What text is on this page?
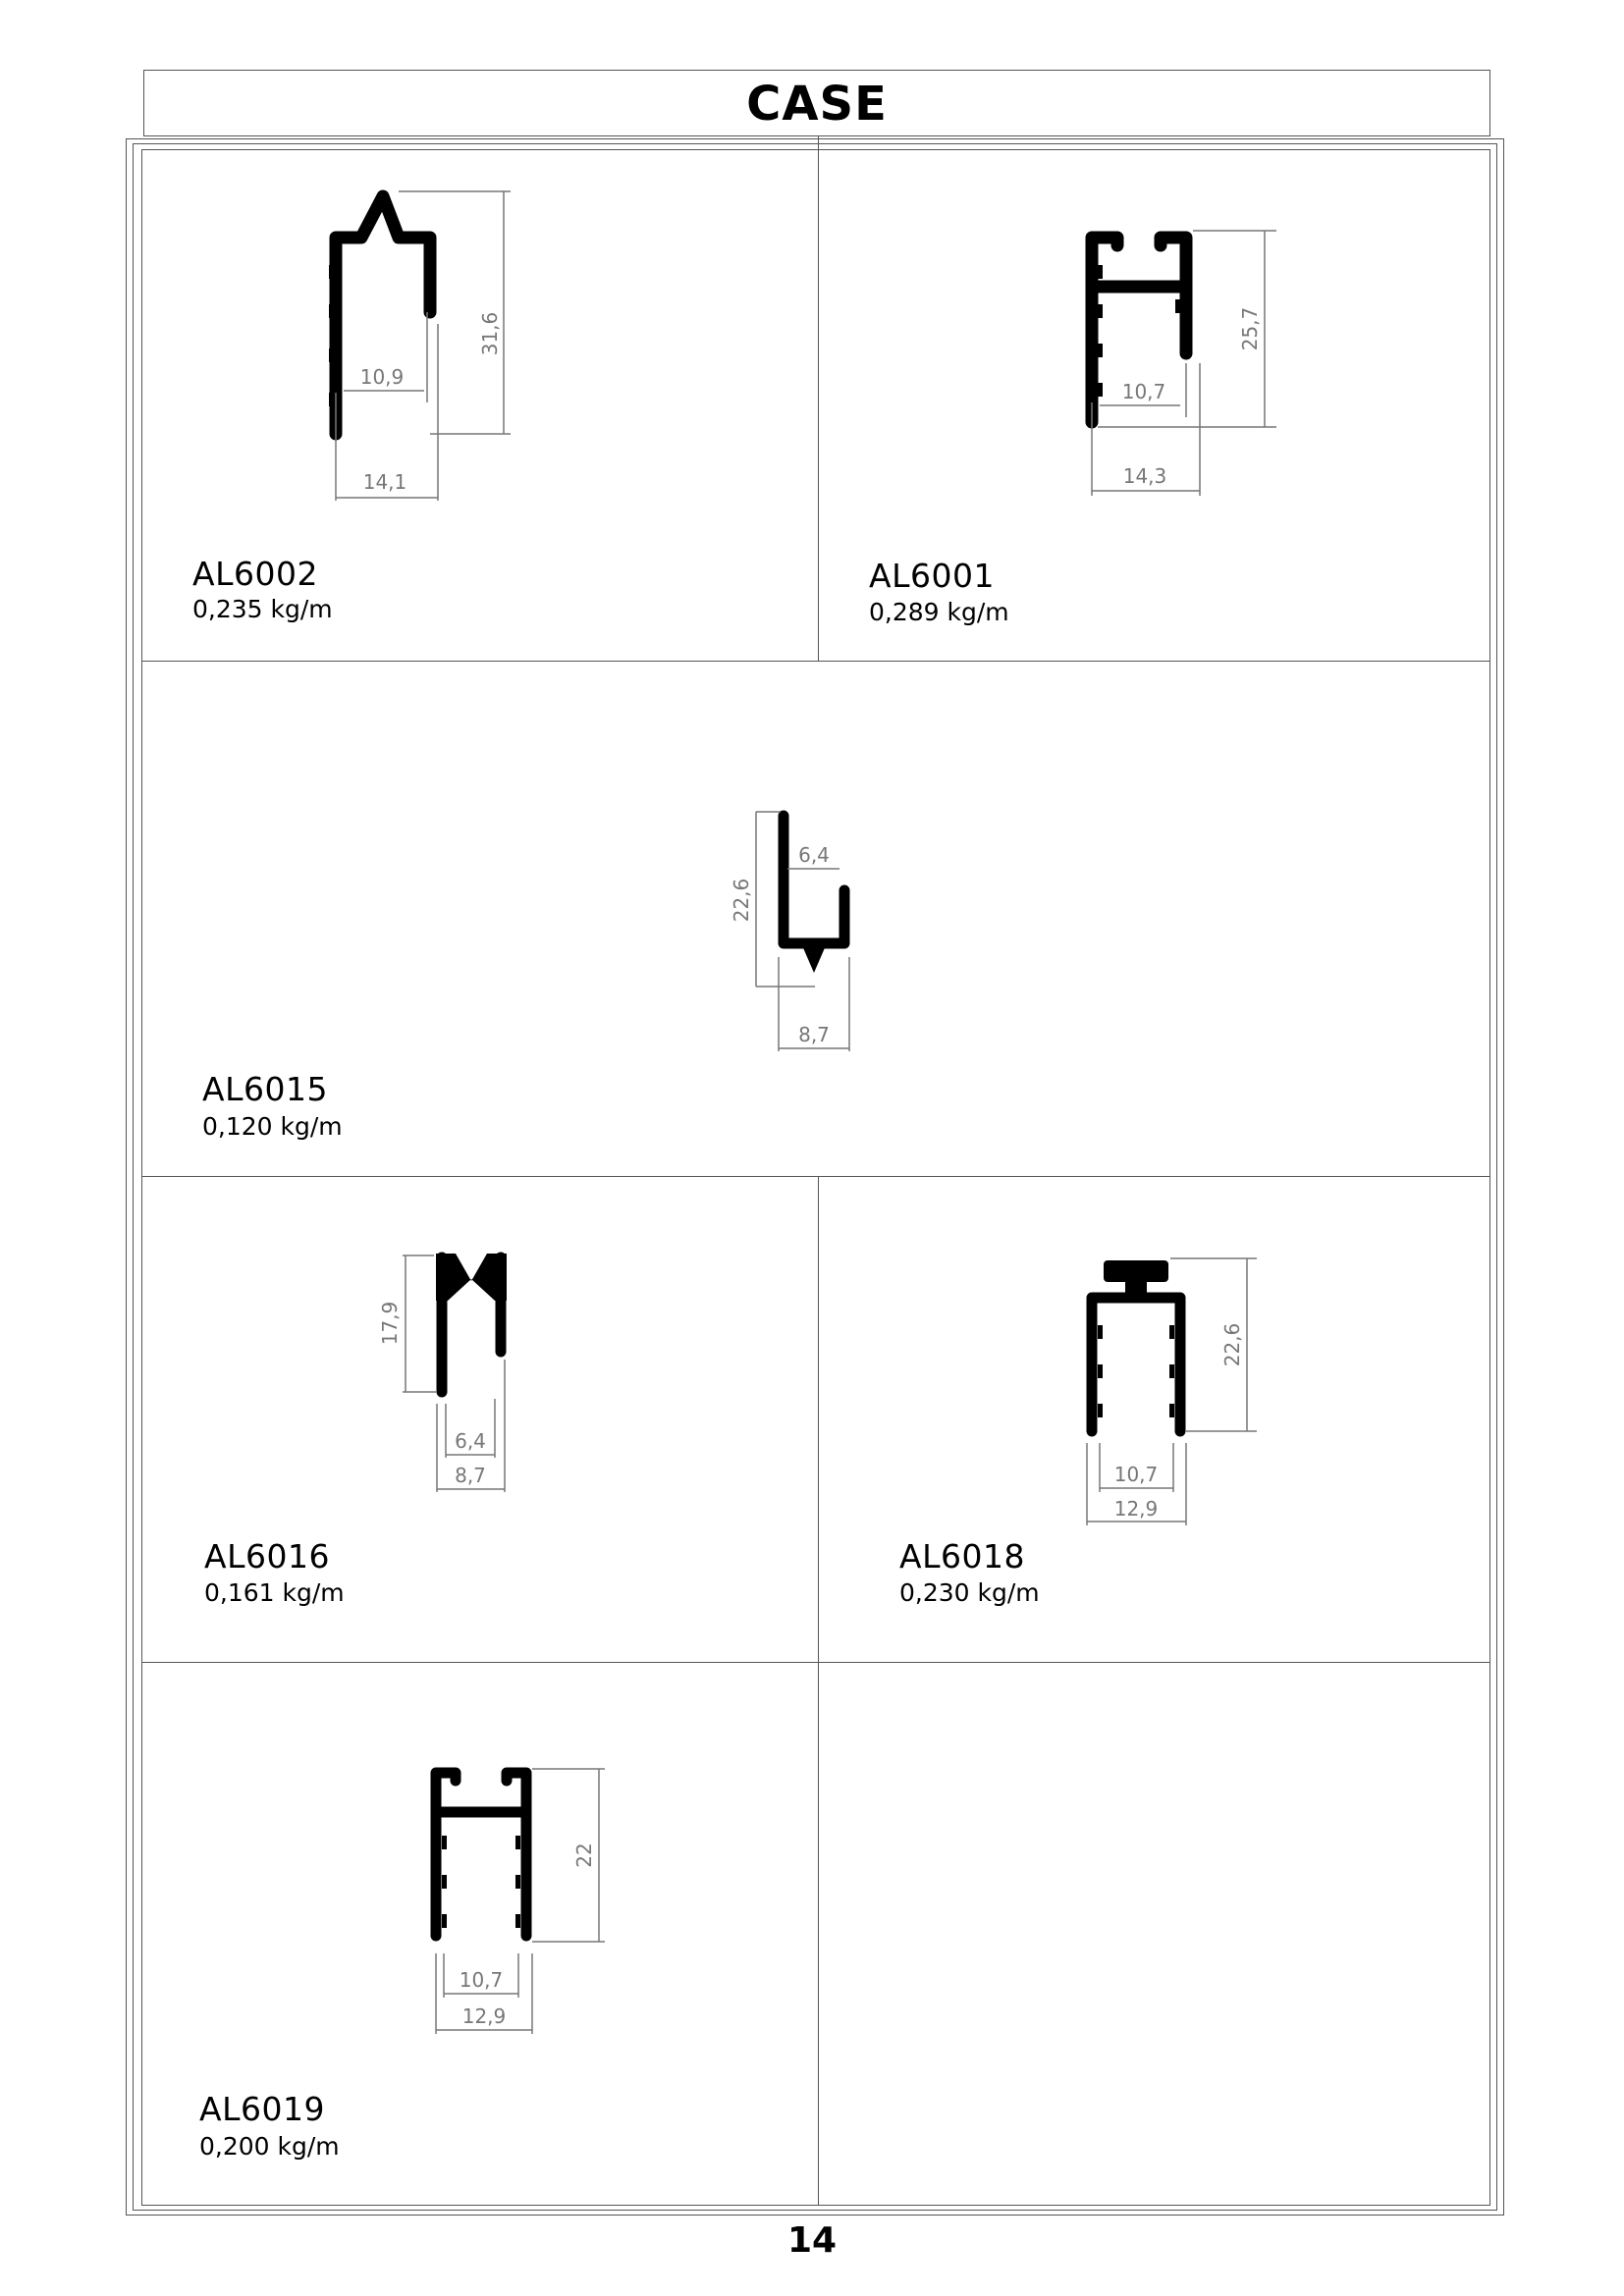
CASE
10,9
14,1
31,6
AL6002
0,235 kg/m
10,7
14,3
25,7
AL6001
0,289 kg/m
6,4
8,7
22,6
AL6015
0,120 kg/m
6,4
8,7
17,9
AL6016
0,161 kg/m
10,7
12,9
22,6
AL6018
0,230 kg/m
10,7
12,9
22
AL6019
0,200 kg/m
14
